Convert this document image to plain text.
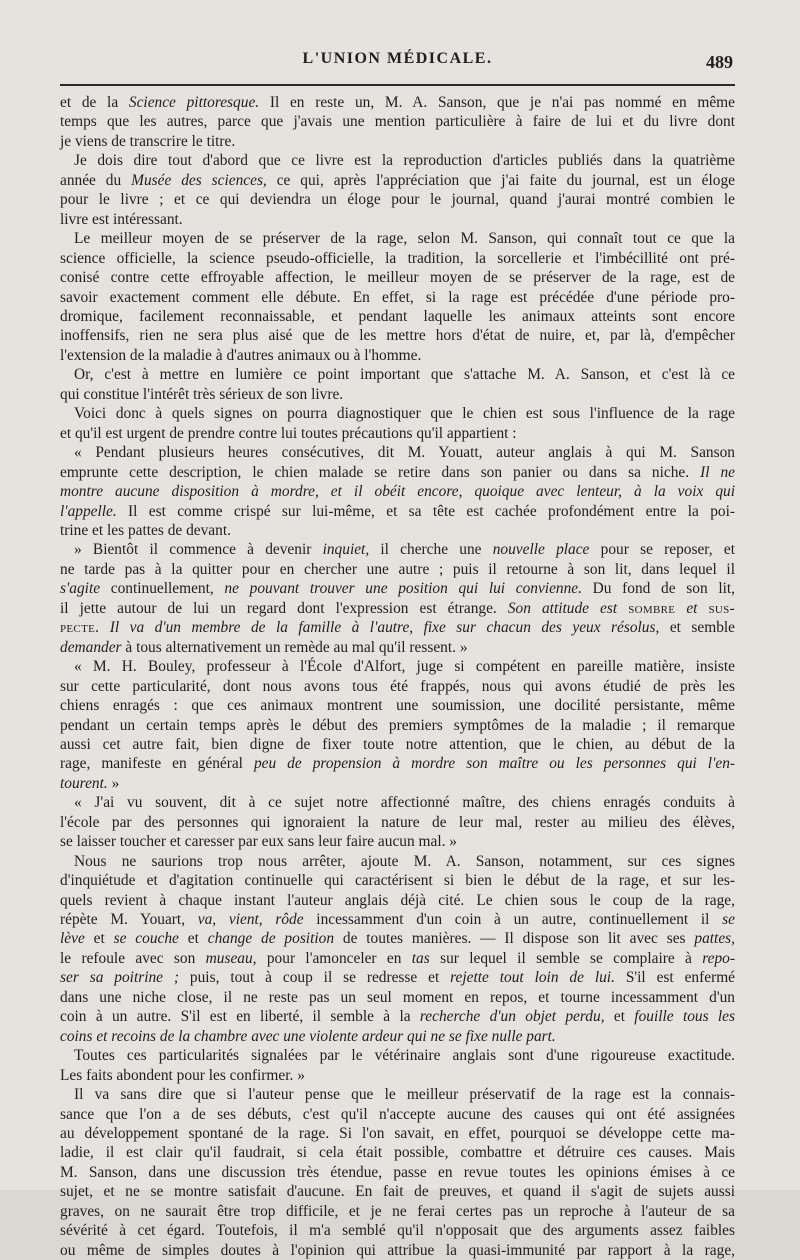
L'UNION MÉDICALE.	489
et de la Science pittoresque. Il en reste un, M. A. Sanson, que je n'ai pas nommé en même
temps que les autres, parce que j'avais une mention particulière à faire de lui et du livre dont
je viens de transcrire le titre.
Je dois dire tout d'abord que ce livre est la reproduction d'articles publiés dans la quatrième
année du Musée des sciences, ce qui, après l'appréciation que j'ai faite du journal, est un éloge
pour le livre ; et ce qui deviendra un éloge pour le journal, quand j'aurai montré combien le
livre est intéressant.
Le meilleur moyen de se préserver de la rage, selon M. Sanson, qui connaît tout ce que la
science officielle, la science pseudo-officielle, la tradition, la sorcellerie et l'imbécillité ont pré-
conisé contre cette effroyable affection, le meilleur moyen de se préserver de la rage, est de
savoir exactement comment elle débute. En effet, si la rage est précédée d'une période pro-
dromique, facilement reconnaissable, et pendant laquelle les animaux atteints sont encore
inoffensifs, rien ne sera plus aisé que de les mettre hors d'état de nuire, et, par là, d'empêcher
l'extension de la maladie à d'autres animaux ou à l'homme.
Or, c'est à mettre en lumière ce point important que s'attache M. A. Sanson, et c'est là ce
qui constitue l'intérêt très sérieux de son livre.
Voici donc à quels signes on pourra diagnostiquer que le chien est sous l'influence de la rage
et qu'il est urgent de prendre contre lui toutes précautions qu'il appartient :
« Pendant plusieurs heures consécutives, dit M. Youatt, auteur anglais à qui M. Sanson
emprunte cette description, le chien malade se retire dans son panier ou dans sa niche. Il ne
montre aucune disposition à mordre, et il obéit encore, quoique avec lenteur, à la voix qui
l'appelle. Il est comme crispé sur lui-même, et sa tête est cachée profondément entre la poi-
trine et les pattes de devant.
» Bientôt il commence à devenir inquiet, il cherche une nouvelle place pour se reposer, et
ne tarde pas à la quitter pour en chercher une autre ; puis il retourne à son lit, dans lequel il
s'agite continuellement, ne pouvant trouver une position qui lui convienne. Du fond de son lit,
il jette autour de lui un regard dont l'expression est étrange. Son attitude est sombre et sus-
pecte. Il va d'un membre de la famille à l'autre, fixe sur chacun des yeux résolus, et semble
demander à tous alternativement un remède au mal qu'il ressent. »
« M. H. Bouley, professeur à l'École d'Alfort, juge si compétent en pareille matière, insiste
sur cette particularité, dont nous avons tous été frappés, nous qui avons étudié de près les
chiens enragés : que ces animaux montrent une soumission, une docilité persistante, même
pendant un certain temps après le début des premiers symptômes de la maladie ; il remarque
aussi cet autre fait, bien digne de fixer toute notre attention, que le chien, au début de la
rage, manifeste en général peu de propension à mordre son maître ou les personnes qui l'en-
tourent. »
« J'ai vu souvent, dit à ce sujet notre affectionné maître, des chiens enragés conduits à
l'école par des personnes qui ignoraient la nature de leur mal, rester au milieu des élèves,
se laisser toucher et caresser par eux sans leur faire aucun mal. »
Nous ne saurions trop nous arrêter, ajoute M. A. Sanson, notamment, sur ces signes
d'inquiétude et d'agitation continuelle qui caractérisent si bien le début de la rage, et sur les-
quels revient à chaque instant l'auteur anglais déjà cité. Le chien sous le coup de la rage,
répète M. Youart, va, vient, rôde incessamment d'un coin à un autre, continuellement il se
lève et se couche et change de position de toutes manières. — Il dispose son lit avec ses pattes,
le refoule avec son museau, pour l'amonceler en tas sur lequel il semble se complaire à repo-
ser sa poitrine ; puis, tout à coup il se redresse et rejette tout loin de lui. S'il est enfermé
dans une niche close, il ne reste pas un seul moment en repos, et tourne incessamment d'un
coin à un autre. S'il est en liberté, il semble à la recherche d'un objet perdu, et fouille tous les
coins et recoins de la chambre avec une violente ardeur qui ne se fixe nulle part.
Toutes ces particularités signalées par le vétérinaire anglais sont d'une rigoureuse exactitude.
Les faits abondent pour les confirmer. »
Il va sans dire que si l'auteur pense que le meilleur préservatif de la rage est la connais-
sance que l'on a de ses débuts, c'est qu'il n'accepte aucune des causes qui ont été assignées
au développement spontané de la rage. Si l'on savait, en effet, pourquoi se développe cette ma-
ladie, il est clair qu'il faudrait, si cela était possible, combattre et détruire ces causes. Mais
M. Sanson, dans une discussion très étendue, passe en revue toutes les opinions émises à ce
sujet, et ne se montre satisfait d'aucune. En fait de preuves, et quand il s'agit de sujets aussi
graves, on ne saurait être trop difficile, et je ne ferai certes pas un reproche à l'auteur de sa
sévérité à cet égard. Toutefois, il m'a semblé qu'il n'opposait que des arguments assez faibles
ou même de simples doutes à l'opinion qui attribue la quasi-immunité par rapport à la rage,
